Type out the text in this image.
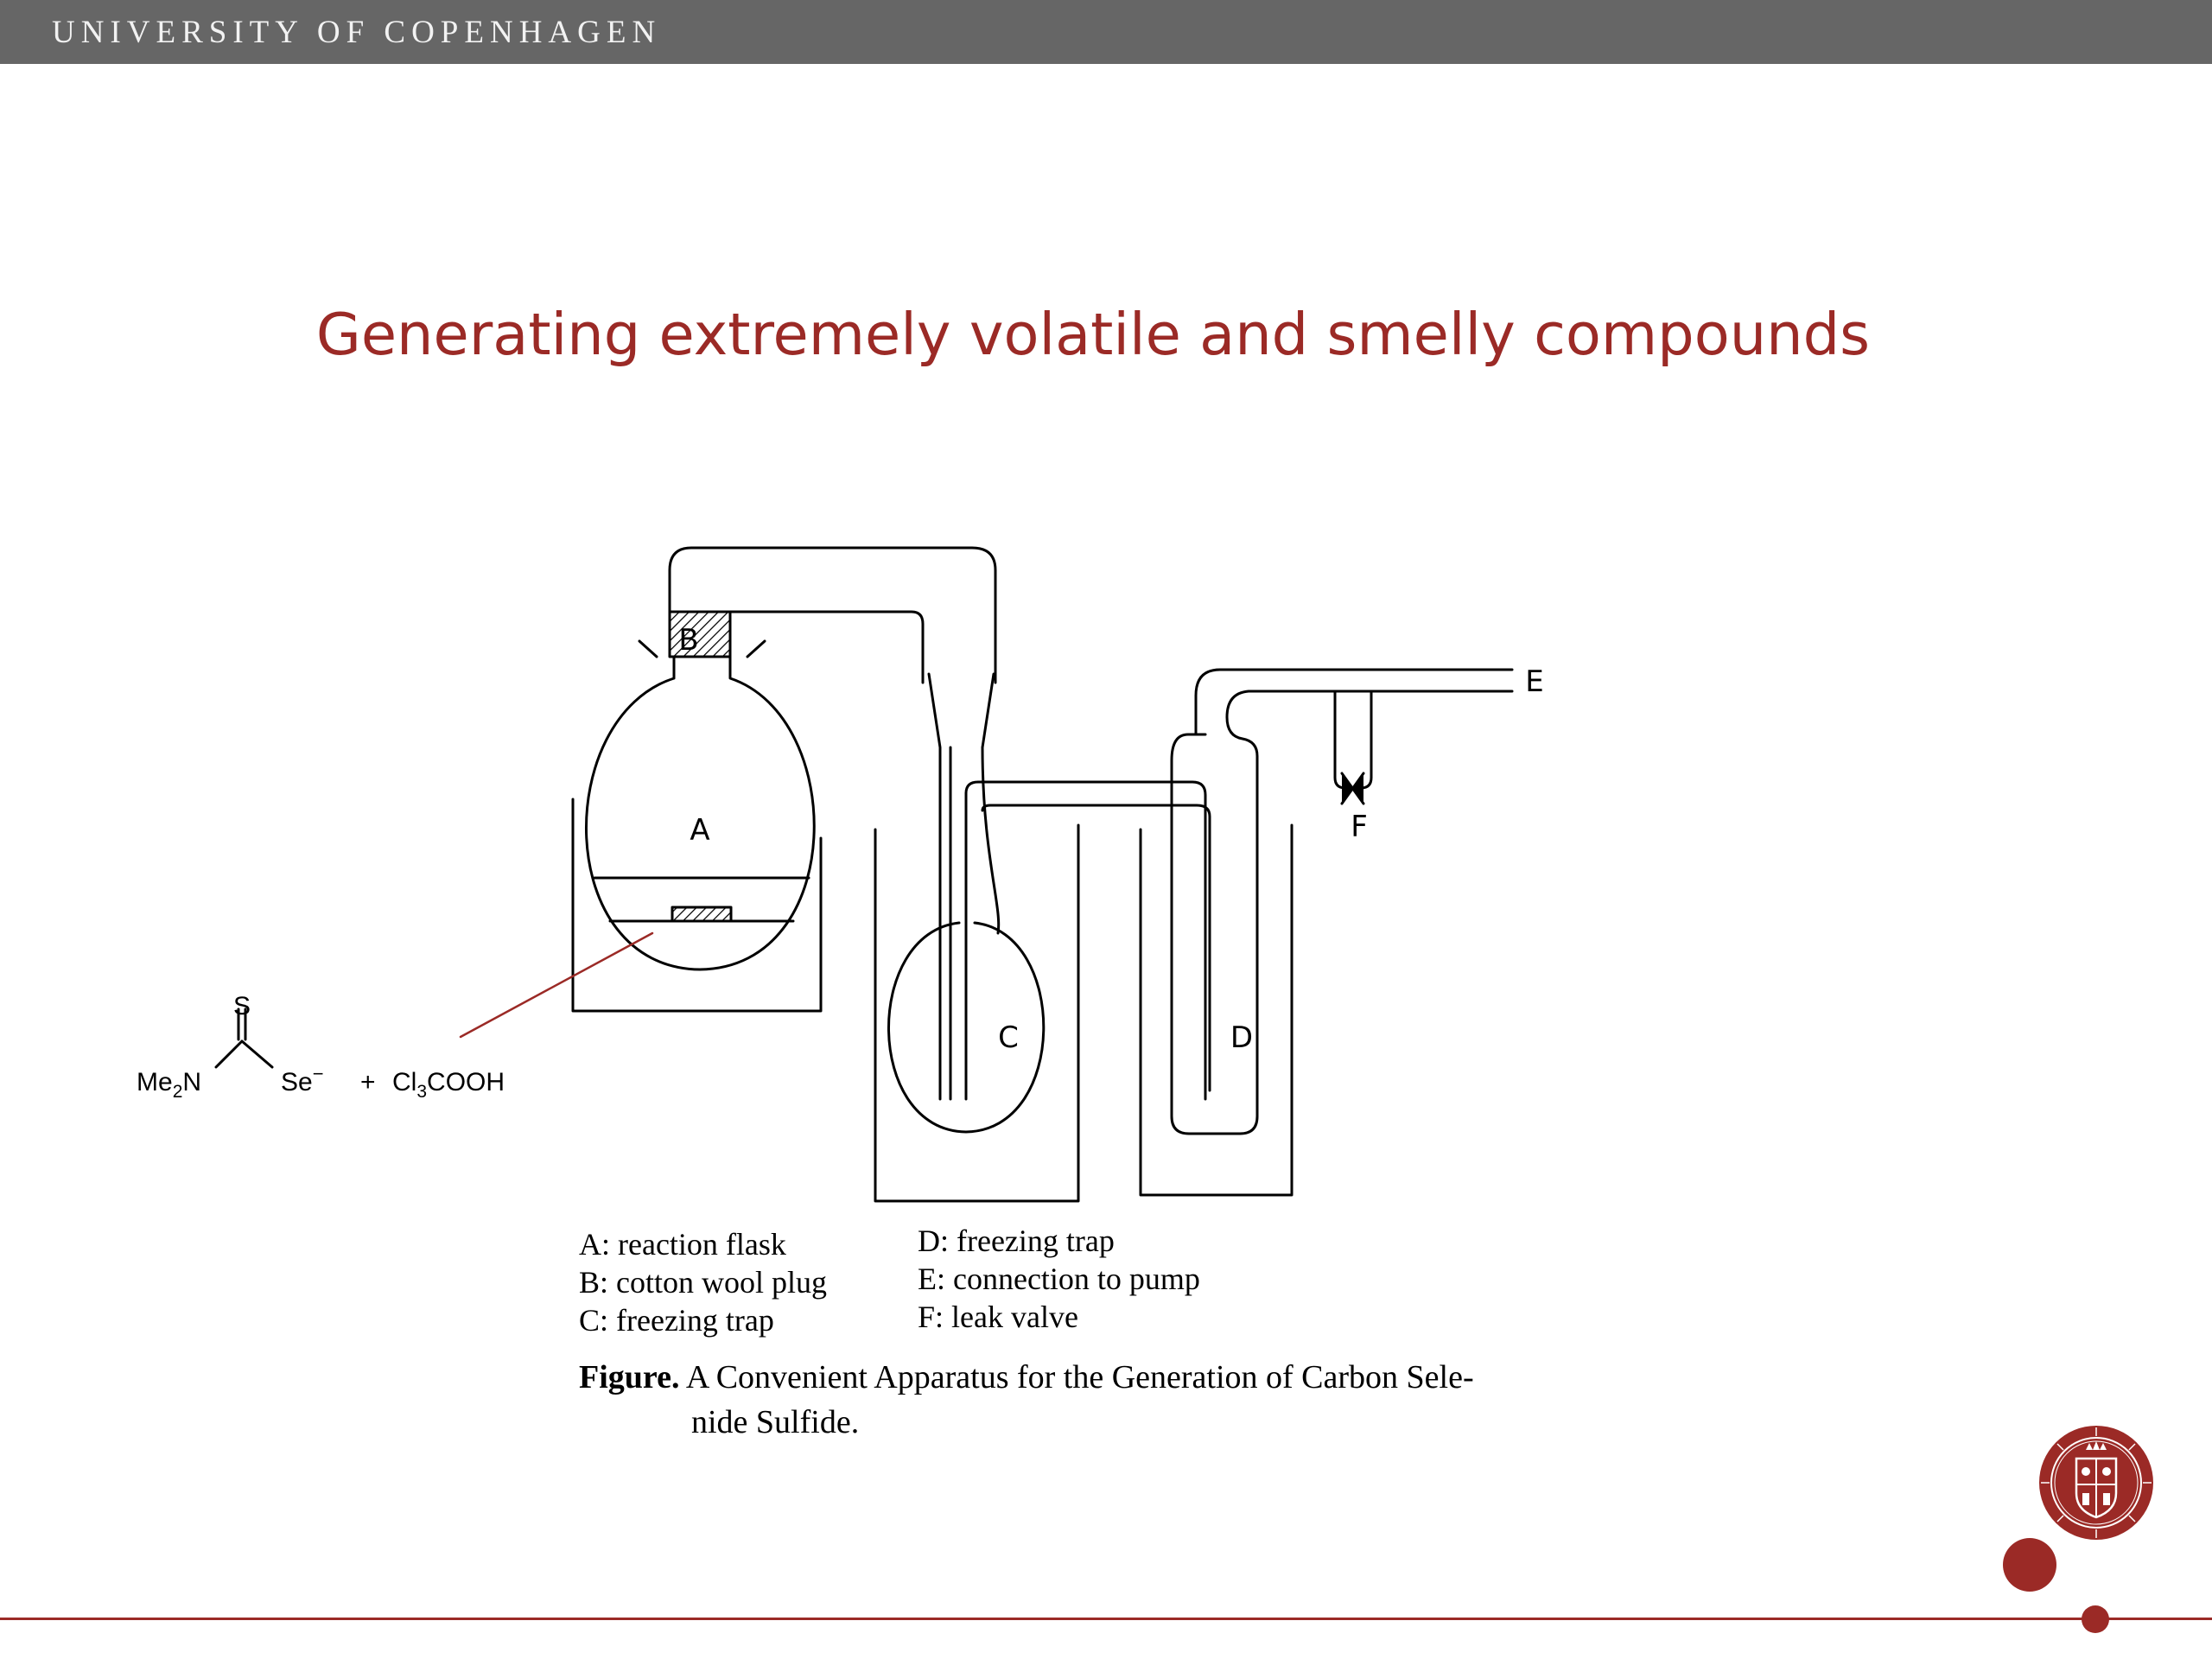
UNIVERSITY OF COPENHAGEN
Generating extremely volatile and smelly compounds
B
A
C	D
E
F
S
$Me_2N$	$Se^- + Cl_3COOH$
A: reaction flask
B: cotton wool plug
C: freezing trap
D: freezing trap
E: connection to pump
F: leak valve
Figure. A Convenient Apparatus for the Generation of Carbon Sele-
nide Sulfide.
